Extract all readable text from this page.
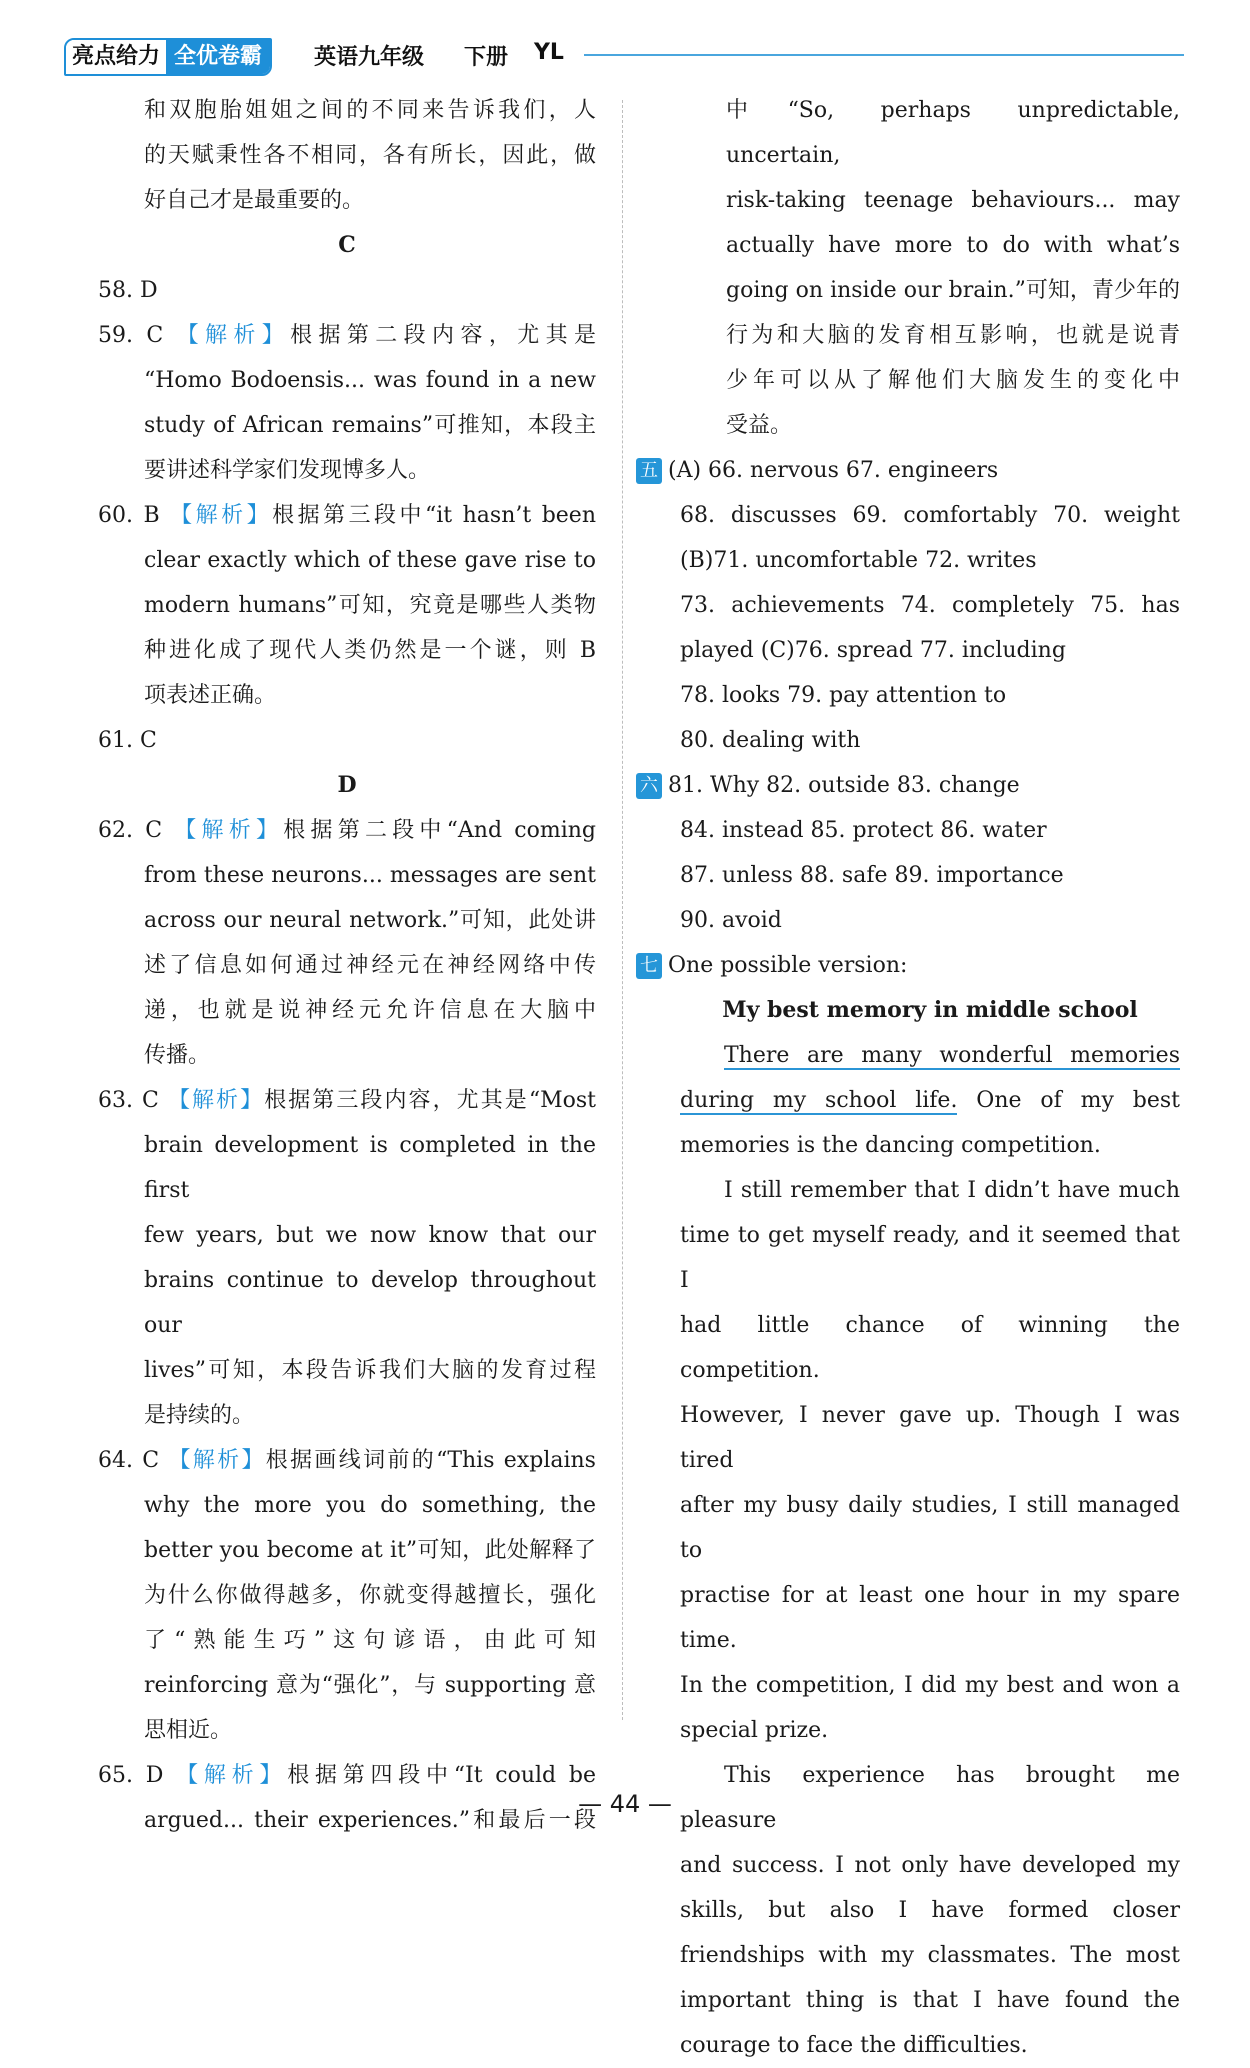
亮点给力 全优卷霸	英语九年级 下册 YL

和双胞胎姐姐之间的不同来告诉我们，人

的天赋秉性各不相同，各有所长，因此，做

好自己才是最重要的。

C

58. D

59. C 【解析】根据第二段内容，尤其是

“Homo Bodoensis... was found in a new

study of African remains”可推知，本段主

要讲述科学家们发现博多人。

60. B 【解析】根据第三段中“it hasn’t been

clear exactly which of these gave rise to

modern humans”可知，究竟是哪些人类物

种进化成了现代人类仍然是一个谜，则 B

项表述正确。

61. C

D

62. C 【解析】根据第二段中“And coming

from these neurons... messages are sent

across our neural network.”可知，此处讲

述了信息如何通过神经元在神经网络中传

递，也就是说神经元允许信息在大脑中

传播。

63. C 【解析】根据第三段内容，尤其是“Most

brain development is completed in the first

few years, but we now know that our

brains continue to develop throughout our

lives”可知，本段告诉我们大脑的发育过程

是持续的。

64. C 【解析】根据画线词前的“This explains

why the more you do something, the

better you become at it”可知，此处解释了

为什么你做得越多，你就变得越擅长，强化

了“熟能生巧”这句谚语，由此可知

reinforcing 意为“强化”，与 supporting 意

思相近。

65. D 【解析】根据第四段中“It could be

argued... their experiences.”和最后一段

中“So, perhaps unpredictable, uncertain,

risk-taking teenage behaviours... may

actually have more to do with what’s

going on inside our brain.”可知，青少年的

行为和大脑的发育相互影响，也就是说青

少年可以从了解他们大脑发生的变化中

受益。

五 (A) 66. nervous 67. engineers

68. discusses 69. comfortably 70. weight

(B)71. uncomfortable 72. writes

73. achievements 74. completely 75. has

played (C)76. spread 77. including

78. looks 79. pay attention to

80. dealing with

六 81. Why 82. outside 83. change

84. instead 85. protect 86. water

87. unless 88. safe 89. importance

90. avoid

七 One possible version:

My best memory in middle school

There are many wonderful memories

during my school life. One of my best

memories is the dancing competition.

I still remember that I didn’t have much

time to get myself ready, and it seemed that I

had little chance of winning the competition.

However, I never gave up. Though I was tired

after my busy daily studies, I still managed to

practise for at least one hour in my spare time.

In the competition, I did my best and won a

special prize.

This experience has brought me pleasure

and success. I not only have developed my

skills, but also I have formed closer

friendships with my classmates. The most

important thing is that I have found the

courage to face the difficulties.

— 44 —
